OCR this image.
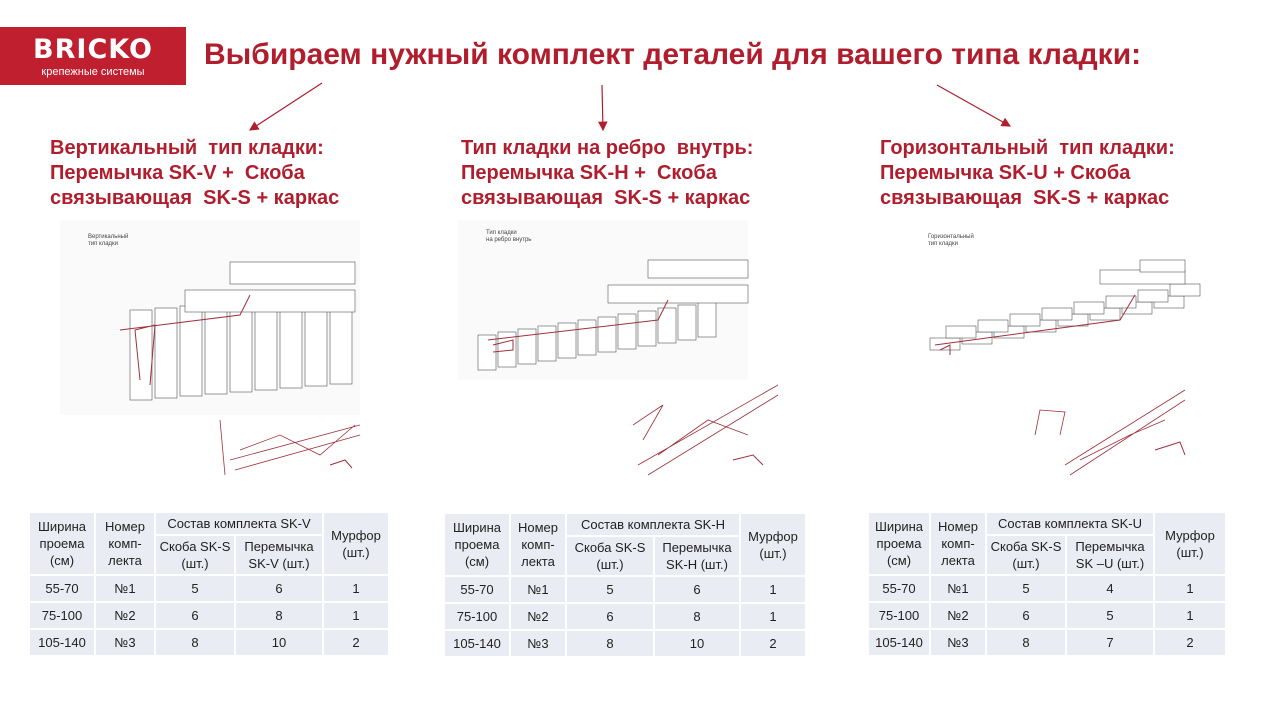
BRICKO
крепежные системы
Выбираем нужный комплект деталей для вашего типа кладки:
Вертикальный  тип кладки:
Перемычка SK-V +  Скоба
связывающая  SK-S + каркас
Вертикальный
тип кладки
Ширина проема (см)	Номер комп-лекта	Состав комплекта SK-V		Мурфор (шт.)
		Скоба SK-S (шт.)	Перемычка SK-V (шт.)	
55-70	№1	5	6	1
75-100	№2	6	8	1
105-140	№3	8	10	2
Тип кладки на ребро  внутрь:
Перемычка SK-H +  Скоба
связывающая  SK-S + каркас
Тип кладки
на ребро внутрь
Ширина проема (см)	Номер комп-лекта	Состав комплекта SK-H		Мурфор (шт.)
		Скоба SK-S (шт.)	Перемычка SK-H (шт.)	
55-70	№1	5	6	1
75-100	№2	6	8	1
105-140	№3	8	10	2
Горизонтальный  тип кладки:
Перемычка SK-U + Скоба
связывающая  SK-S + каркас
Горизонтальный
тип кладки
Ширина проема (см)	Номер комп-лекта	Состав комплекта SK-U		Мурфор (шт.)
		Скоба SK-S (шт.)	Перемычка SK –U (шт.)	
55-70	№1	5	4	1
75-100	№2	6	5	1
105-140	№3	8	7	2
